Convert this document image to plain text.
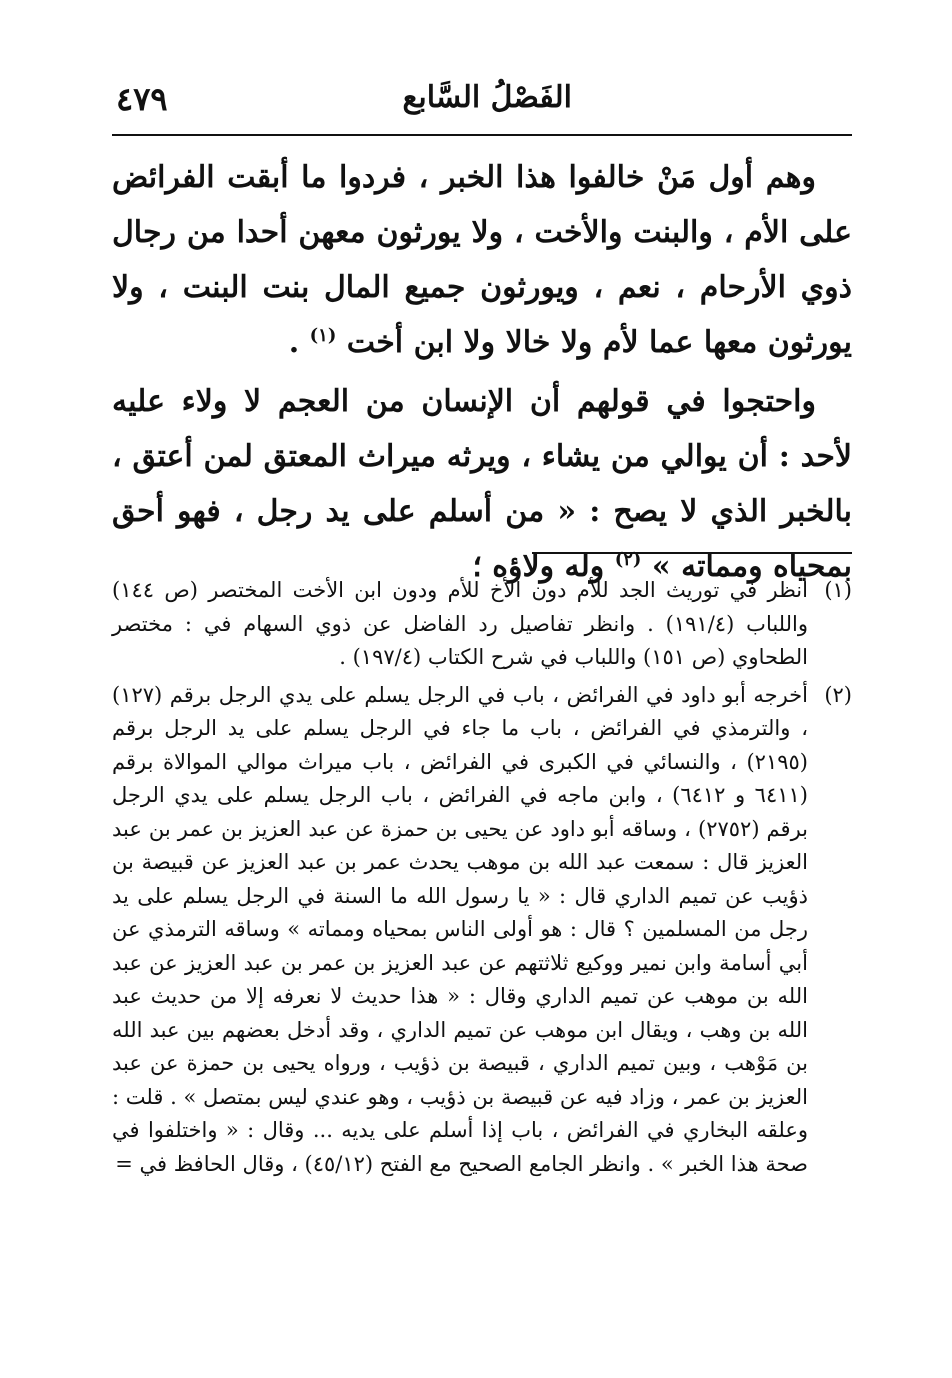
الفَصْلُ السَّابع
٤٧٩

وهم أول مَنْ خالفوا هذا الخبر ، فردوا ما أبقت الفرائض على الأم ، والبنت والأخت ، ولا يورثون معهن أحدا من رجال ذوي الأرحام ، نعم ، ويورثون جميع المال بنت البنت ، ولا يورثون معها عما لأم ولا خالا ولا ابن أخت $^{(١)}$ .

واحتجوا في قولهم أن الإنسان من العجم لا ولاء عليه لأحد : أن يوالي من يشاء ، ويرثه ميراث المعتق لمن أعتق ، بالخبر الذي لا يصح : « من أسلم على يد رجل ، فهو أحق بمحياه ومماته » $^{(٢)}$ وله ولاؤه ؛

(١)
انظر في توريث الجد للأم دون الأخ للأم ودون ابن الأخت المختصر (ص ١٤٤) واللباب (١٩١/٤) . وانظر تفاصيل رد الفاضل عن ذوي السهام في : مختصر الطحاوي (ص ١٥١) واللباب في شرح الكتاب (١٩٧/٤) .
(٢)
أخرجه أبو داود في الفرائض ، باب في الرجل يسلم على يدي الرجل برقم (١٢٧) ، والترمذي في الفرائض ، باب ما جاء في الرجل يسلم على يد الرجل برقم (٢١٩٥) ، والنسائي في الكبرى في الفرائض ، باب ميراث موالي الموالاة برقم (٦٤١١ و ٦٤١٢) ، وابن ماجه في الفرائض ، باب الرجل يسلم على يدي الرجل برقم (٢٧٥٢) ، وساقه أبو داود عن يحيى بن حمزة عن عبد العزيز بن عمر بن عبد العزيز قال : سمعت عبد الله بن موهب يحدث عمر بن عبد العزيز عن قبيصة بن ذؤيب عن تميم الداري قال : « يا رسول الله ما السنة في الرجل يسلم على يد رجل من المسلمين ؟ قال : هو أولى الناس بمحياه ومماته » وساقه الترمذي عن أبي أسامة وابن نمير ووكيع ثلاثتهم عن عبد العزيز بن عمر بن عبد العزيز عن عبد الله بن موهب عن تميم الداري وقال : « هذا حديث لا نعرفه إلا من حديث عبد الله بن وهب ، ويقال ابن موهب عن تميم الداري ، وقد أدخل بعضهم بين عبد الله بن مَوْهب ، وبين تميم الداري ، قبيصة بن ذؤيب ، ورواه يحيى بن حمزة عن عبد العزيز بن عمر ، وزاد فيه عن قبيصة بن ذؤيب ، وهو عندي ليس بمتصل » . قلت : وعلقه البخاري في الفرائض ، باب إذا أسلم على يديه ... وقال : « واختلفوا في صحة هذا الخبر » . وانظر الجامع الصحيح مع الفتح (٤٥/١٢) ، وقال الحافظ في =
